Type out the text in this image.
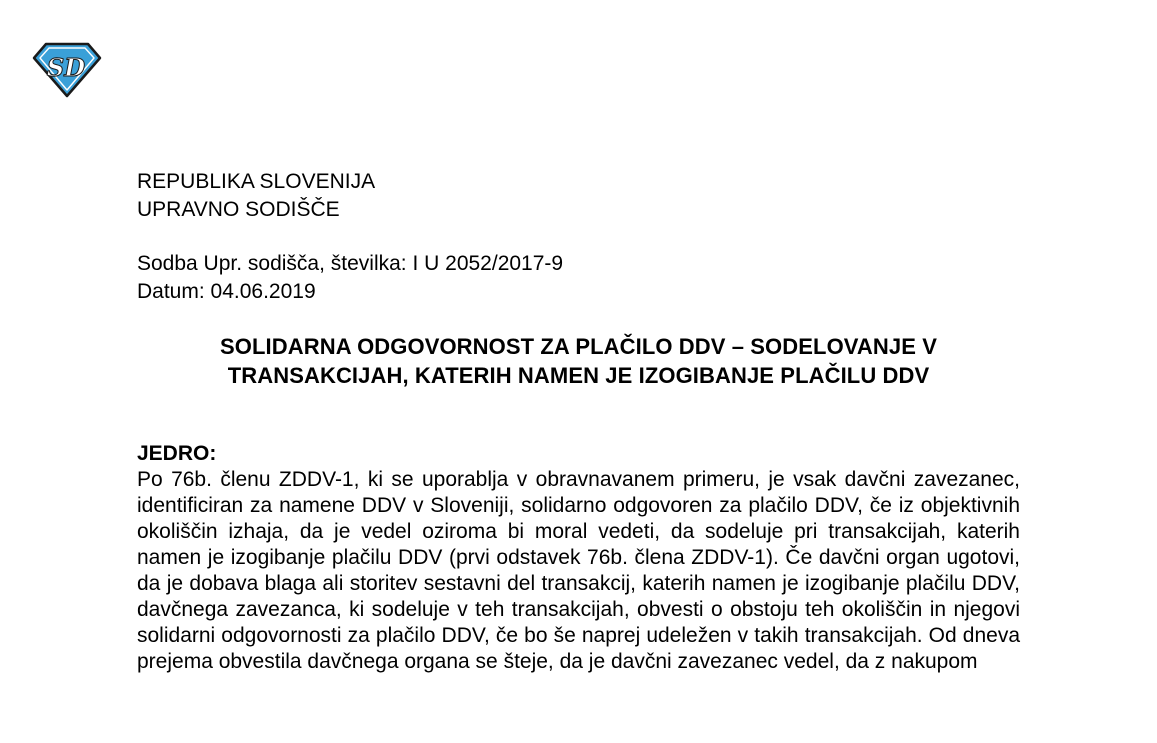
SD

REPUBLIKA SLOVENIJA

UPRAVNO SODIŠČE

Sodba Upr. sodišča, številka: I U 2052/2017-9
Datum: 04.06.2019
SOLIDARNA ODGOVORNOST ZA PLAČILO DDV – SODELOVANJE V TRANSAKCIJAH, KATERIH NAMEN JE IZOGIBANJE PLAČILU DDV
JEDRO:

Po 76b. členu ZDDV-1, ki se uporablja v obravnavanem primeru, je vsak davčni zavezanec, identificiran za namene DDV v Sloveniji, solidarno odgovoren za plačilo DDV, če iz objektivnih okoliščin izhaja, da je vedel oziroma bi moral vedeti, da sodeluje pri transakcijah, katerih namen je izogibanje plačilu DDV (prvi odstavek 76b. člena ZDDV-1). Če davčni organ ugotovi, da je dobava blaga ali storitev sestavni del transakcij, katerih namen je izogibanje plačilu DDV, davčnega zavezanca, ki sodeluje v teh transakcijah, obvesti o obstoju teh okoliščin in njegovi solidarni odgovornosti za plačilo DDV, če bo še naprej udeležen v takih transakcijah. Od dneva prejema obvestila davčnega organa se šteje, da je davčni zavezanec vedel, da z nakupom
